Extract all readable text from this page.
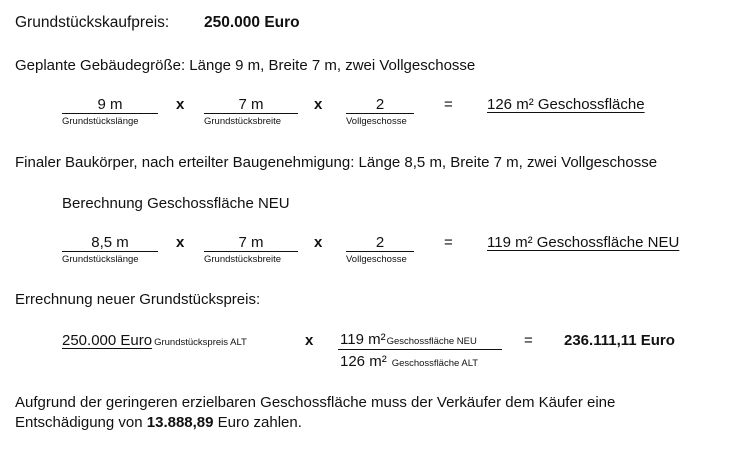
Grundstückskaufpreis: 250.000 Euro
Geplante Gebäudegröße: Länge 9 m, Breite 7 m, zwei Vollgeschosse
9 m
Grundstückslänge
x	7 m
Grundstücksbreite
x	2
Vollgeschosse
= 126 m² Geschossfläche
Finaler Baukörper, nach erteilter Baugenehmigung: Länge 8,5 m, Breite 7 m, zwei Vollgeschosse
Berechnung Geschossfläche NEU
8,5 m
Grundstückslänge
x	7 m
Grundstücksbreite
x	2
Vollgeschosse
= 119 m² Geschossfläche NEU
Errechnung neuer Grundstückspreis:
250.000 Euro Grundstückspreis ALT	x 119 m²Geschossfläche NEU
126 m² Geschossfläche ALT
= 236.111,11 Euro
Aufgrund der geringeren erzielbaren Geschossfläche muss der Verkäufer dem Käufer eine
Entschädigung von 13.888,89 Euro zahlen.
